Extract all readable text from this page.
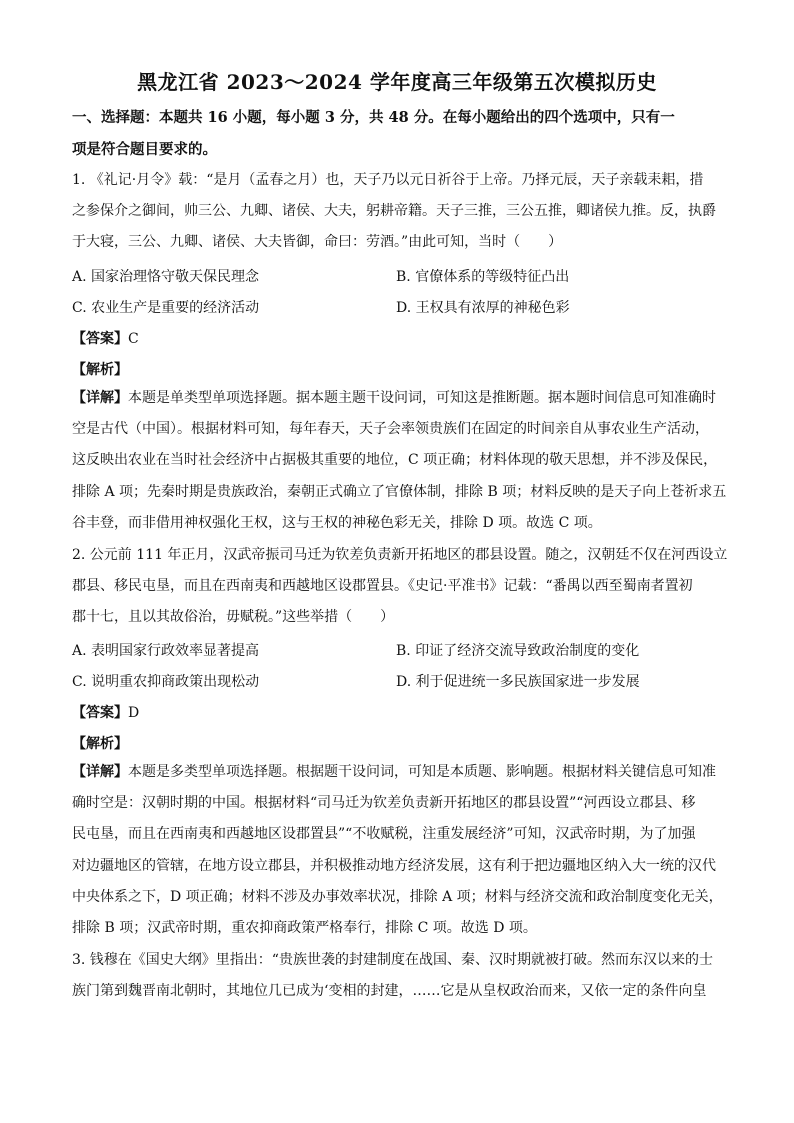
黑龙江省 2023～2024 学年度高三年级第五次模拟历史
一、选择题：本题共 16 小题，每小题 3 分，共 48 分。在每小题给出的四个选项中，只有一
项是符合题目要求的。
1. 《礼记·月令》载：“是月（孟春之月）也，天子乃以元日祈谷于上帝。乃择元辰，天子亲载耒耜，措
之参保介之御间，帅三公、九卿、诸侯、大夫，躬耕帝籍。天子三推，三公五推，卿诸侯九推。反，执爵
于大寝，三公、九卿、诸侯、大夫皆御，命曰：劳酒。”由此可知，当时（　　）
A. 国家治理恪守敬天保民理念	B. 官僚体系的等级特征凸出
C. 农业生产是重要的经济活动	D. 王权具有浓厚的神秘色彩
【答案】C
【解析】
【详解】本题是单类型单项选择题。据本题主题干设问词，可知这是推断题。据本题时间信息可知准确时
空是古代（中国）。根据材料可知，每年春天，天子会率领贵族们在固定的时间亲自从事农业生产活动，
这反映出农业在当时社会经济中占据极其重要的地位，C 项正确；材料体现的敬天思想，并不涉及保民，
排除 A 项；先秦时期是贵族政治，秦朝正式确立了官僚体制，排除 B 项；材料反映的是天子向上苍祈求五
谷丰登，而非借用神权强化王权，这与王权的神秘色彩无关，排除 D 项。故选 C 项。
2. 公元前 111 年正月，汉武帝振司马迁为钦差负责新开拓地区的郡县设置。随之，汉朝廷不仅在河西设立
郡县、移民屯垦，而且在西南夷和西越地区设郡置县。《史记·平准书》记载：“番禺以西至蜀南者置初
郡十七，且以其故俗治，毋赋税。”这些举措（　　）
A. 表明国家行政效率显著提高	B. 印证了经济交流导致政治制度的变化
C. 说明重农抑商政策出现松动	D. 利于促进统一多民族国家进一步发展
【答案】D
【解析】
【详解】本题是多类型单项选择题。根据题干设问词，可知是本质题、影响题。根据材料关键信息可知准
确时空是：汉朝时期的中国。根据材料“司马迁为钦差负责新开拓地区的郡县设置”“河西设立郡县、移
民屯垦，而且在西南夷和西越地区设郡置县”“不收赋税，注重发展经济”可知，汉武帝时期，为了加强
对边疆地区的管辖，在地方设立郡县，并积极推动地方经济发展，这有利于把边疆地区纳入大一统的汉代
中央体系之下，D 项正确；材料不涉及办事效率状况，排除 A 项；材料与经济交流和政治制度变化无关，
排除 B 项；汉武帝时期，重农抑商政策严格奉行，排除 C 项。故选 D 项。
3. 钱穆在《国史大纲》里指出：“贵族世袭的封建制度在战国、秦、汉时期就被打破。然而东汉以来的士
族门第到魏晋南北朝时，其地位几已成为‘变相的封建，……它是从皇权政治而来，又依一定的条件向皇
